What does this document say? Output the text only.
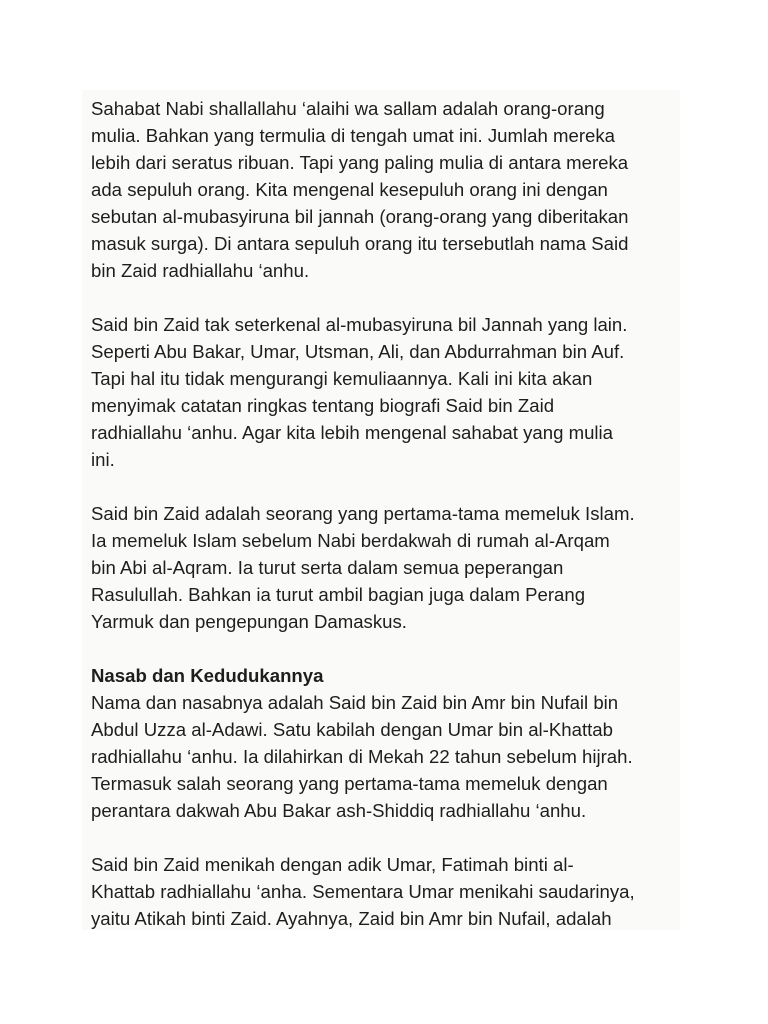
Sahabat Nabi shallallahu ‘alaihi wa sallam adalah orang-orang
mulia. Bahkan yang termulia di tengah umat ini. Jumlah mereka
lebih dari seratus ribuan. Tapi yang paling mulia di antara mereka
ada sepuluh orang. Kita mengenal kesepuluh orang ini dengan
sebutan al-mubasyiruna bil jannah (orang-orang yang diberitakan
masuk surga). Di antara sepuluh orang itu tersebutlah nama Said
bin Zaid radhiallahu ‘anhu.

Said bin Zaid tak seterkenal al-mubasyiruna bil Jannah yang lain.
Seperti Abu Bakar, Umar, Utsman, Ali, dan Abdurrahman bin Auf.
Tapi hal itu tidak mengurangi kemuliaannya. Kali ini kita akan
menyimak catatan ringkas tentang biografi Said bin Zaid
radhiallahu ‘anhu. Agar kita lebih mengenal sahabat yang mulia
ini.

Said bin Zaid adalah seorang yang pertama-tama memeluk Islam.
Ia memeluk Islam sebelum Nabi berdakwah di rumah al-Arqam
bin Abi al-Aqram. Ia turut serta dalam semua peperangan
Rasulullah. Bahkan ia turut ambil bagian juga dalam Perang
Yarmuk dan pengepungan Damaskus.

Nasab dan Kedudukannya

Nama dan nasabnya adalah Said bin Zaid bin Amr bin Nufail bin
Abdul Uzza al-Adawi. Satu kabilah dengan Umar bin al-Khattab
radhiallahu ‘anhu. Ia dilahirkan di Mekah 22 tahun sebelum hijrah.
Termasuk salah seorang yang pertama-tama memeluk dengan
perantara dakwah Abu Bakar ash-Shiddiq radhiallahu ‘anhu.

Said bin Zaid menikah dengan adik Umar, Fatimah binti al-
Khattab radhiallahu ‘anha. Sementara Umar menikahi saudarinya,
yaitu Atikah binti Zaid. Ayahnya, Zaid bin Amr bin Nufail, adalah
